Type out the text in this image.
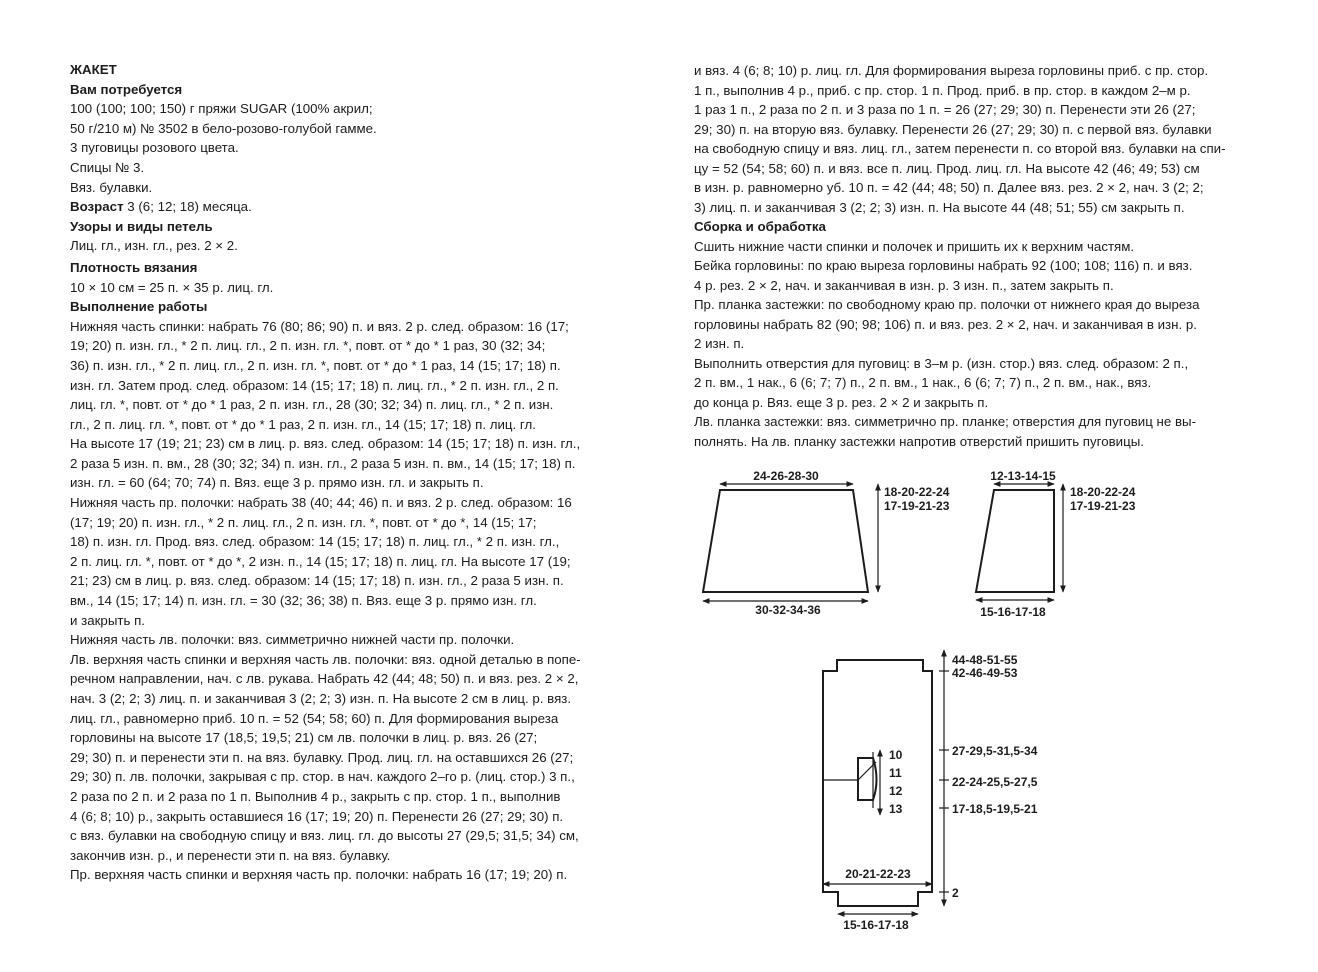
ЖАКЕТ
Вам потребуется
100 (100; 100; 150) г пряжи SUGAR (100% акрил;
50 г/210 м) № 3502 в бело-розово-голубой гамме.
3 пуговицы розового цвета.
Спицы № 3.
Вяз. булавки.
Возраст 3 (6; 12; 18) месяца.
Узоры и виды петель
Лиц. гл., изн. гл., рез. 2 × 2.
Плотность вязания
10 × 10 см = 25 п. × 35 р. лиц. гл.
Выполнение работы
Нижняя часть спинки: набрать 76 (80; 86; 90) п. и вяз. 2 р. след. образом: 16 (17;
19; 20) п. изн. гл., * 2 п. лиц. гл., 2 п. изн. гл. *, повт. от * до * 1 раз, 30 (32; 34;
36) п. изн. гл., * 2 п. лиц. гл., 2 п. изн. гл. *, повт. от * до * 1 раз, 14 (15; 17; 18) п.
изн. гл. Затем прод. след. образом: 14 (15; 17; 18) п. лиц. гл., * 2 п. изн. гл., 2 п.
лиц. гл. *, повт. от * до * 1 раз, 2 п. изн. гл., 28 (30; 32; 34) п. лиц. гл., * 2 п. изн.
гл., 2 п. лиц. гл. *, повт. от * до * 1 раз, 2 п. изн. гл., 14 (15; 17; 18) п. лиц. гл.
На высоте 17 (19; 21; 23) см в лиц. р. вяз. след. образом: 14 (15; 17; 18) п. изн. гл.,
2 раза 5 изн. п. вм., 28 (30; 32; 34) п. изн. гл., 2 раза 5 изн. п. вм., 14 (15; 17; 18) п.
изн. гл. = 60 (64; 70; 74) п. Вяз. еще 3 р. прямо изн. гл. и закрыть п.
Нижняя часть пр. полочки: набрать 38 (40; 44; 46) п. и вяз. 2 р. след. образом: 16
(17; 19; 20) п. изн. гл., * 2 п. лиц. гл., 2 п. изн. гл. *, повт. от * до *, 14 (15; 17;
18) п. изн. гл. Прод. вяз. след. образом: 14 (15; 17; 18) п. лиц. гл., * 2 п. изн. гл.,
2 п. лиц. гл. *, повт. от * до *, 2 изн. п., 14 (15; 17; 18) п. лиц. гл. На высоте 17 (19;
21; 23) см в лиц. р. вяз. след. образом: 14 (15; 17; 18) п. изн. гл., 2 раза 5 изн. п.
вм., 14 (15; 17; 14) п. изн. гл. = 30 (32; 36; 38) п. Вяз. еще 3 р. прямо изн. гл.
и закрыть п.
Нижняя часть лв. полочки: вяз. симметрично нижней части пр. полочки.
Лв. верхняя часть спинки и верхняя часть лв. полочки: вяз. одной деталью в попе-
речном направлении, нач. с лв. рукава. Набрать 42 (44; 48; 50) п. и вяз. рез. 2 × 2,
нач. 3 (2; 2; 3) лиц. п. и заканчивая 3 (2; 2; 3) изн. п. На высоте 2 см в лиц. р. вяз.
лиц. гл., равномерно приб. 10 п. = 52 (54; 58; 60) п. Для формирования выреза
горловины на высоте 17 (18,5; 19,5; 21) см лв. полочки в лиц. р. вяз. 26 (27;
29; 30) п. и перенести эти п. на вяз. булавку. Прод. лиц. гл. на оставшихся 26 (27;
29; 30) п. лв. полочки, закрывая с пр. стор. в нач. каждого 2–го р. (лиц. стор.) 3 п.,
2 раза по 2 п. и 2 раза по 1 п. Выполнив 4 р., закрыть с пр. стор. 1 п., выполнив
4 (6; 8; 10) р., закрыть оставшиеся 16 (17; 19; 20) п. Перенести 26 (27; 29; 30) п.
с вяз. булавки на свободную спицу и вяз. лиц. гл. до высоты 27 (29,5; 31,5; 34) см,
закончив изн. р., и перенести эти п. на вяз. булавку.
Пр. верхняя часть спинки и верхняя часть пр. полочки: набрать 16 (17; 19; 20) п.
и вяз. 4 (6; 8; 10) р. лиц. гл. Для формирования выреза горловины приб. с пр. стор.
1 п., выполнив 4 р., приб. с пр. стор. 1 п. Прод. приб. в пр. стор. в каждом 2–м р.
1 раз 1 п., 2 раза по 2 п. и 3 раза по 1 п. = 26 (27; 29; 30) п. Перенести эти 26 (27;
29; 30) п. на вторую вяз. булавку. Перенести 26 (27; 29; 30) п. с первой вяз. булавки
на свободную спицу и вяз. лиц. гл., затем перенести п. со второй вяз. булавки на спи-
цу = 52 (54; 58; 60) п. и вяз. все п. лиц. Прод. лиц. гл. На высоте 42 (46; 49; 53) см
в изн. р. равномерно уб. 10 п. = 42 (44; 48; 50) п. Далее вяз. рез. 2 × 2, нач. 3 (2; 2;
3) лиц. п. и заканчивая 3 (2; 2; 3) изн. п. На высоте 44 (48; 51; 55) см закрыть п.
Сборка и обработка
Сшить нижние части спинки и полочек и пришить их к верхним частям.
Бейка горловины: по краю выреза горловины набрать 92 (100; 108; 116) п. и вяз.
4 р. рез. 2 × 2, нач. и заканчивая в изн. р. 3 изн. п., затем закрыть п.
Пр. планка застежки: по свободному краю пр. полочки от нижнего края до выреза
горловины набрать 82 (90; 98; 106) п. и вяз. рез. 2 × 2, нач. и заканчивая в изн. р.
2 изн. п.
Выполнить отверстия для пуговиц: в 3–м р. (изн. стор.) вяз. след. образом: 2 п.,
2 п. вм., 1 нак., 6 (6; 7; 7) п., 2 п. вм., 1 нак., 6 (6; 7; 7) п., 2 п. вм., нак., вяз.
до конца р. Вяз. еще 3 р. рез. 2 × 2 и закрыть п.
Лв. планка застежки: вяз. симметрично пр. планке; отверстия для пуговиц не вы-
полнять. На лв. планку застежки напротив отверстий пришить пуговицы.
24-26-28-30
30-32-34-36
18-20-22-24
17-19-21-23
12-13-14-15
15-16-17-18
18-20-22-24
17-19-21-23
10
11
12
13
44-48-51-55
42-46-49-53
27-29,5-31,5-34
22-24-25,5-27,5
17-18,5-19,5-21
2
20-21-22-23
15-16-17-18
